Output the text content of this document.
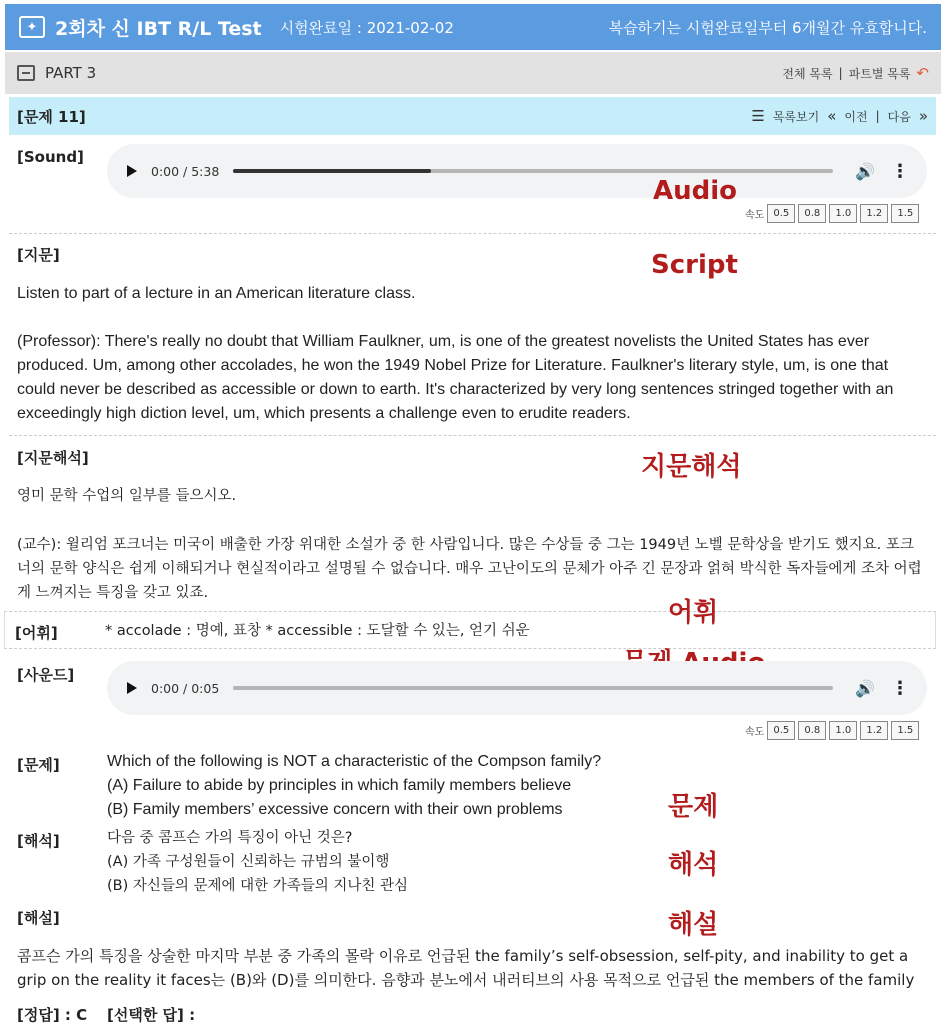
✦ 2회차 신 IBT R/L Test 시험완료일 : 2021-02-02	복습하기는 시험완료일부터 6개월간 유효합니다.
PART 3	전체 목록 | 파트별 목록 ↶
[문제 11]	☰ 목록보기 « 이전 | 다음 »
[Sound]
0:00 / 5:38	🔊 ⋮
Audio
속도 0.5	0.8	1.0	1.2	1.5
[지문]	Script
Listen to part of a lecture in an American literature class.
(Professor): There's really no doubt that William Faulkner, um, is one of the greatest novelists the United States has ever produced. Um, among other accolades, he won the 1949 Nobel Prize for Literature. Faulkner's literary style, um, is one that could never be described as accessible or down to earth. It's characterized by very long sentences stringed together with an exceedingly high diction level, um, which presents a challenge even to erudite readers.
[지문해석]	지문해석
영미 문학 수업의 일부를 들으시오.
(교수): 윌리엄 포크너는 미국이 배출한 가장 위대한 소설가 중 한 사람입니다. 많은 수상들 중 그는 1949년 노벨 문학상을 받기도 했지요. 포크너의 문학 양식은 쉽게 이해되거나 현실적이라고 설명될 수 없습니다. 매우 고난이도의 문체가 아주 긴 문장과 얽혀 박식한 독자들에게 조차 어렵게 느껴지는 특징을 갖고 있죠.
[어휘]	* accolade : 명예, 표창 * accessible : 도달할 수 있는, 얻기 쉬운
어휘
[사운드]
0:00 / 0:05	🔊 ⋮
속도 0.5	0.8	1.0	1.2	1.5
[문제]	Which of the following is NOT a characteristic of the Compson family?
(A) Failure to abide by principles in which family members believe
(B) Family members’ excessive concern with their own problems	문제
[해석]	다음 중 콤프슨 가의 특징이 아닌 것은?
(A) 가족 구성원들이 신뢰하는 규범의 불이행
(B) 자신들의 문제에 대한 가족들의 지나친 관심
해석
[해설]	해설
콤프슨 가의 특징을 상술한 마지막 부분 중 가족의 몰락 이유로 언급된 the family’s self-obsession, self-pity, and inability to get a grip on the reality it faces는 (B)와 (D)를 의미한다. 음향과 분노에서 내러티브의 사용 목적으로 언급된 the members of the family
[정답] : C [선택한 답] :
